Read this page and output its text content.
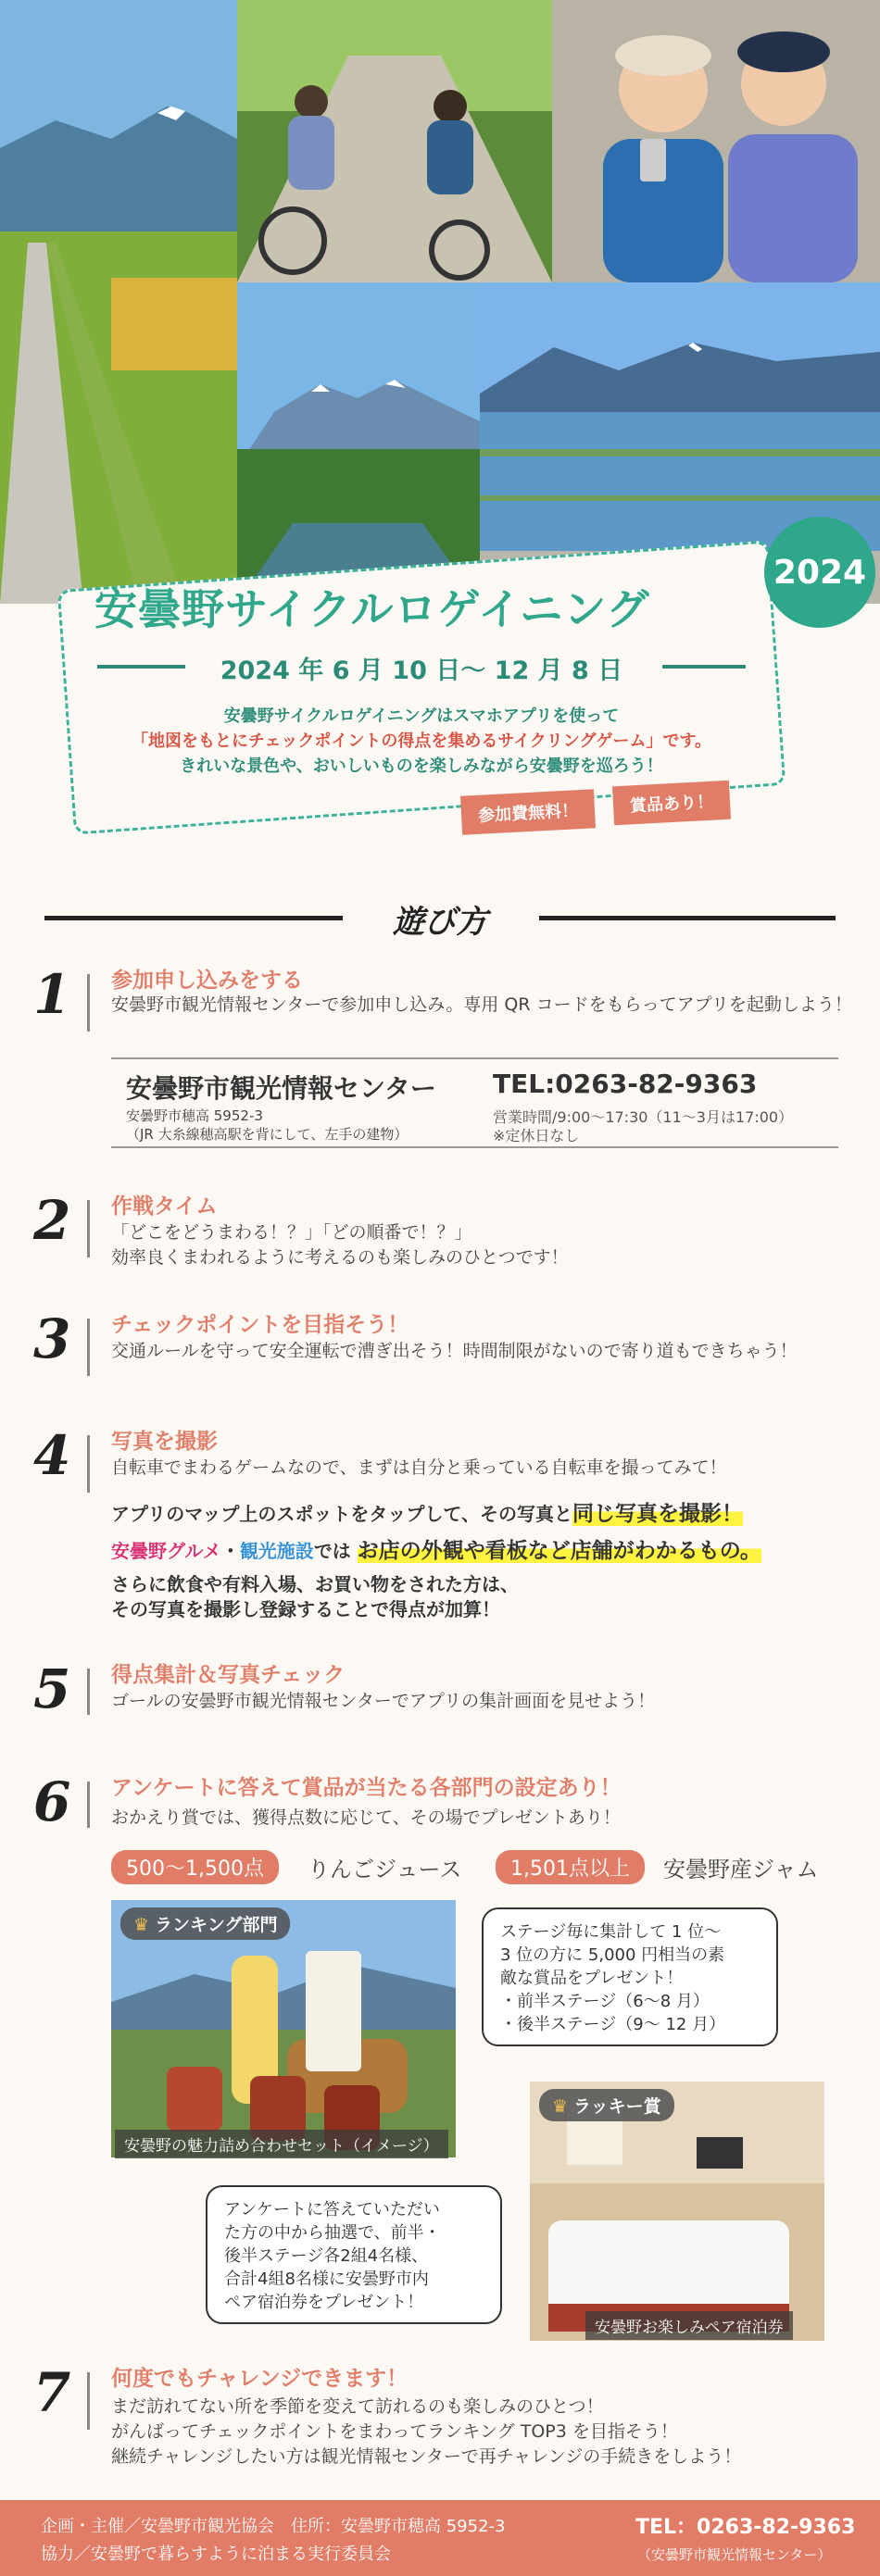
安曇野サイクルロゲイニング
2024 年 6 月 10 日～ 12 月 8 日
安曇野サイクルロゲイニングはスマホアプリを使って
「地図をもとにチェックポイントの得点を集めるサイクリングゲーム」です。
きれいな景色や、おいしいものを楽しみながら安曇野を巡ろう！
2024
参加費無料！	賞品あり！
遊び方
1	参加申し込みをする
安曇野市観光情報センターで参加申し込み。専用 QR コードをもらってアプリを起動しよう！
安曇野市観光情報センター
安曇野市穂高 5952-3
（JR 大糸線穂高駅を背にして、左手の建物）
TEL:0263-82-9363
営業時間/9:00～17:30（11～3月は17:00）
※定休日なし
2	作戦タイム
「どこをどうまわる！？」「どの順番で！？」
効率良くまわれるように考えるのも楽しみのひとつです！
3	チェックポイントを目指そう！
交通ルールを守って安全運転で漕ぎ出そう！時間制限がないので寄り道もできちゃう！
4	写真を撮影
自転車でまわるゲームなので、まずは自分と乗っている自転車を撮ってみて！
アプリのマップ上のスポットをタップして、その写真と同じ写真を撮影！
安曇野グルメ・観光施設では お店の外観や看板など店舗がわかるもの。
さらに飲食や有料入場、お買い物をされた方は、
その写真を撮影し登録することで得点が加算！
5	得点集計＆写真チェック
ゴールの安曇野市観光情報センターでアプリの集計画面を見せよう！
6	アンケートに答えて賞品が当たる各部門の設定あり！
おかえり賞では、獲得点数に応じて、その場でプレゼントあり！
500～1,500点	りんごジュース	1,501点以上	安曇野産ジャム
♛ ランキング部門
安曇野の魅力詰め合わせセット（イメージ）
ステージ毎に集計して 1 位～
3 位の方に 5,000 円相当の素
敵な賞品をプレゼント！
・前半ステージ（6～8 月）
・後半ステージ（9～ 12 月）
♛ ラッキー賞
安曇野お楽しみペア宿泊券
アンケートに答えていただい
た方の中から抽選で、前半・
後半ステージ各2組4名様、
合計4組8名様に安曇野市内
ペア宿泊券をプレゼント！
7	何度でもチャレンジできます！
まだ訪れてない所を季節を変えて訪れるのも楽しみのひとつ！
がんばってチェックポイントをまわってランキング TOP3 を目指そう！
継続チャレンジしたい方は観光情報センターで再チャレンジの手続きをしよう！
企画・主催／安曇野市観光協会　住所：安曇野市穂高 5952-3
協力／安曇野で暮らすように泊まる実行委員会
TEL：0263-82-9363
（安曇野市観光情報センター）
